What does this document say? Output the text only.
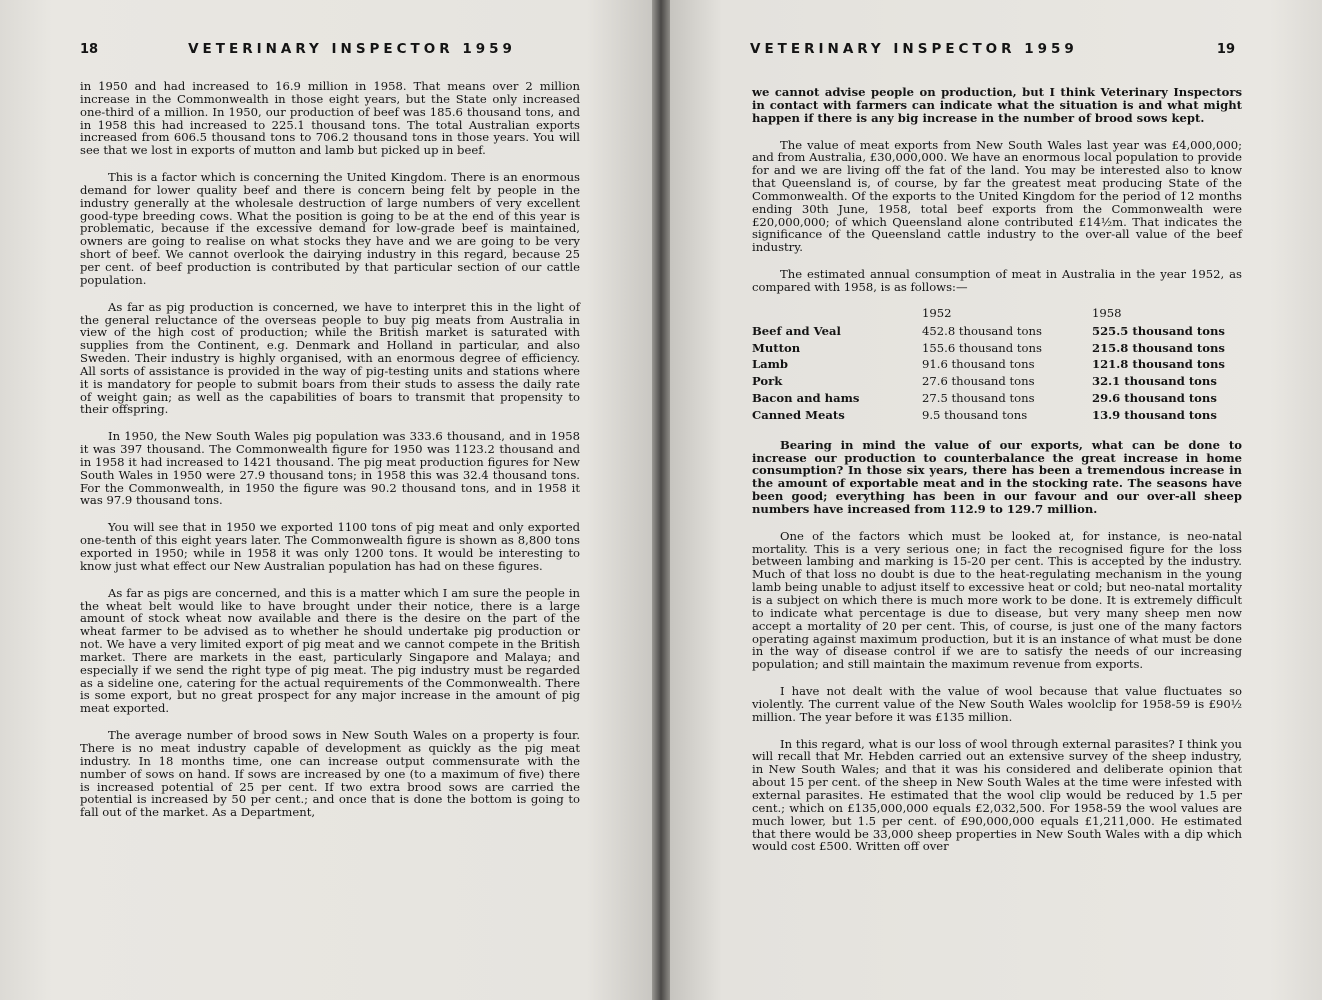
18	VETERINARY INSPECTOR 1959

in 1950 and had increased to 16.9 million in 1958. That means over 2 million increase in the Commonwealth in those eight years, but the State only increased one-third of a million. In 1950, our production of beef was 185.6 thousand tons, and in 1958 this had increased to 225.1 thousand tons. The total Australian exports increased from 606.5 thousand tons to 706.2 thousand tons in those years. You will see that we lost in exports of mutton and lamb but picked up in beef.

This is a factor which is concerning the United Kingdom. There is an enormous demand for lower quality beef and there is concern being felt by people in the industry generally at the wholesale destruction of large numbers of very excellent good-type breeding cows. What the position is going to be at the end of this year is problematic, because if the excessive demand for low-grade beef is maintained, owners are going to realise on what stocks they have and we are going to be very short of beef. We cannot overlook the dairying industry in this regard, because 25 per cent. of beef production is contributed by that particular section of our cattle population.

As far as pig production is concerned, we have to interpret this in the light of the general reluctance of the overseas people to buy pig meats from Australia in view of the high cost of production; while the British market is saturated with supplies from the Continent, e.g. Denmark and Holland in particular, and also Sweden. Their industry is highly organised, with an enormous degree of efficiency. All sorts of assistance is provided in the way of pig-testing units and stations where it is mandatory for people to submit boars from their studs to assess the daily rate of weight gain; as well as the capabilities of boars to transmit that propensity to their offspring.

In 1950, the New South Wales pig population was 333.6 thousand, and in 1958 it was 397 thousand. The Commonwealth figure for 1950 was 1123.2 thousand and in 1958 it had increased to 1421 thousand. The pig meat production figures for New South Wales in 1950 were 27.9 thousand tons; in 1958 this was 32.4 thousand tons. For the Commonwealth, in 1950 the figure was 90.2 thousand tons, and in 1958 it was 97.9 thousand tons.

You will see that in 1950 we exported 1100 tons of pig meat and only exported one-tenth of this eight years later. The Commonwealth figure is shown as 8,800 tons exported in 1950; while in 1958 it was only 1200 tons. It would be interesting to know just what effect our New Australian population has had on these figures.

As far as pigs are concerned, and this is a matter which I am sure the people in the wheat belt would like to have brought under their notice, there is a large amount of stock wheat now available and there is the desire on the part of the wheat farmer to be advised as to whether he should undertake pig production or not. We have a very limited export of pig meat and we cannot compete in the British market. There are markets in the east, particularly Singapore and Malaya; and especially if we send the right type of pig meat. The pig industry must be regarded as a sideline one, catering for the actual requirements of the Commonwealth. There is some export, but no great prospect for any major increase in the amount of pig meat exported.

The average number of brood sows in New South Wales on a property is four. There is no meat industry capable of development as quickly as the pig meat industry. In 18 months time, one can increase output commensurate with the number of sows on hand. If sows are increased by one (to a maximum of five) there is increased potential of 25 per cent. If two extra brood sows are carried the potential is increased by 50 per cent.; and once that is done the bottom is going to fall out of the market. As a Department,

VETERINARY INSPECTOR 1959	19

we cannot advise people on production, but I think Veterinary Inspectors in contact with farmers can indicate what the situation is and what might happen if there is any big increase in the number of brood sows kept.

The value of meat exports from New South Wales last year was £4,000,000; and from Australia, £30,000,000. We have an enormous local population to provide for and we are living off the fat of the land. You may be interested also to know that Queensland is, of course, by far the greatest meat producing State of the Commonwealth. Of the exports to the United Kingdom for the period of 12 months ending 30th June, 1958, total beef exports from the Commonwealth were £20,000,000; of which Queensland alone contributed £14½m. That indicates the significance of the Queensland cattle industry to the over-all value of the beef industry.

The estimated annual consumption of meat in Australia in the year 1952, as compared with 1958, is as follows:—

	1952	1958
Beef and Veal	452.8 thousand tons	525.5 thousand tons
Mutton	155.6 thousand tons	215.8 thousand tons
Lamb	91.6 thousand tons	121.8 thousand tons
Pork	27.6 thousand tons	32.1 thousand tons
Bacon and hams	27.5 thousand tons	29.6 thousand tons
Canned Meats	9.5 thousand tons	13.9 thousand tons

Bearing in mind the value of our exports, what can be done to increase our production to counterbalance the great increase in home consumption? In those six years, there has been a tremendous increase in the amount of exportable meat and in the stocking rate. The seasons have been good; everything has been in our favour and our over-all sheep numbers have increased from 112.9 to 129.7 million.

One of the factors which must be looked at, for instance, is neo-natal mortality. This is a very serious one; in fact the recognised figure for the loss between lambing and marking is 15-20 per cent. This is accepted by the industry. Much of that loss no doubt is due to the heat-regulating mechanism in the young lamb being unable to adjust itself to excessive heat or cold; but neo-natal mortality is a subject on which there is much more work to be done. It is extremely difficult to indicate what percentage is due to disease, but very many sheep men now accept a mortality of 20 per cent. This, of course, is just one of the many factors operating against maximum production, but it is an instance of what must be done in the way of disease control if we are to satisfy the needs of our increasing population; and still maintain the maximum revenue from exports.

I have not dealt with the value of wool because that value fluctuates so violently. The current value of the New South Wales woolclip for 1958-59 is £90½ million. The year before it was £135 million.

In this regard, what is our loss of wool through external parasites? I think you will recall that Mr. Hebden carried out an extensive survey of the sheep industry, in New South Wales; and that it was his considered and deliberate opinion that about 15 per cent. of the sheep in New South Wales at the time were infested with external parasites. He estimated that the wool clip would be reduced by 1.5 per cent.; which on £135,000,000 equals £2,032,500. For 1958-59 the wool values are much lower, but 1.5 per cent. of £90,000,000 equals £1,211,000. He estimated that there would be 33,000 sheep properties in New South Wales with a dip which would cost £500. Written off over
